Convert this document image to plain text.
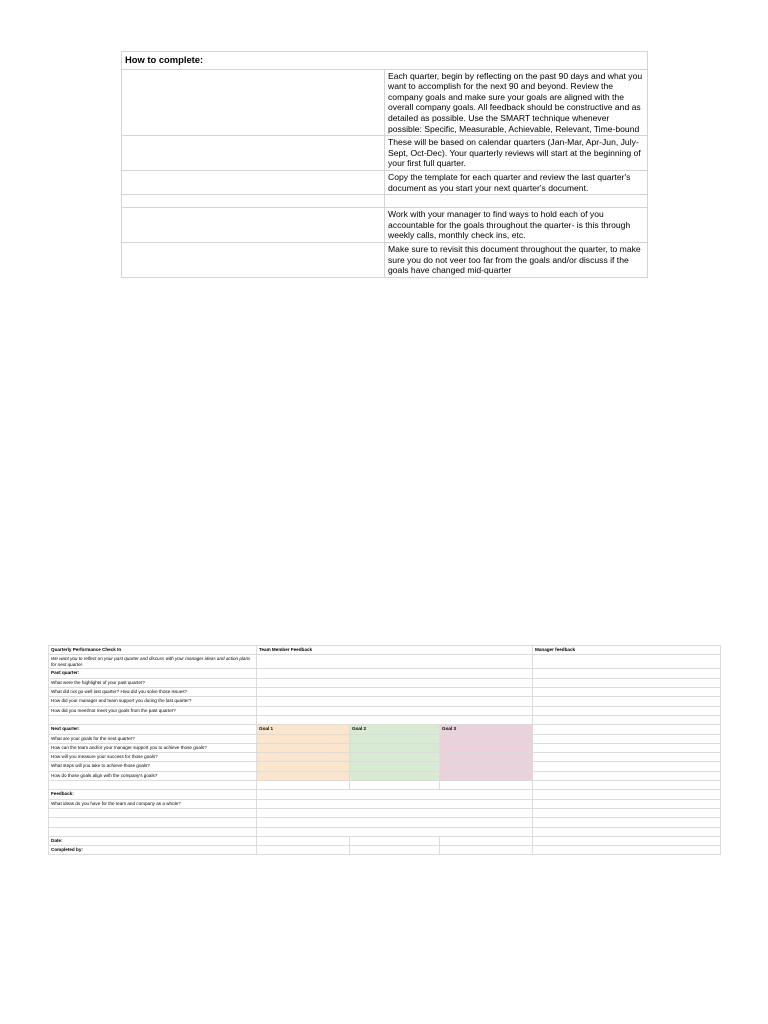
How to complete:	
	Each quarter, begin by reflecting on the past 90 days and what you want to accomplish for the next 90 and beyond. Review the company goals and make sure your goals are aligned with the overall company goals. All feedback should be constructive and as detailed as possible. Use the SMART technique whenever possible: Specific, Measurable, Achievable, Relevant, Time-bound
	These will be based on calendar quarters (Jan-Mar, Apr-Jun, July-Sept, Oct-Dec). Your quarterly reviews will start at the beginning of your first full quarter.
	Copy the template for each quarter and review the last quarter's document as you start your next quarter's document.

	Work with your manager to find ways to hold each of you accountable for the goals throughout the quarter- is this through weekly calls, monthly check ins, etc.
	Make sure to revisit this document throughout the quarter, to make sure you do not veer too far from the goals and/or discuss if the goals have changed mid-quarter
Quarterly Performance Check In	Team Member Feedback			Manager feedback
We want you to reflect on your past quarter and discuss with your manager ideas and action plans for next quarter.				
Past quarter:				
What were the highlights of your past quarter?				
What did not go well last quarter? How did you solve those issues?				
How did your manager and team support you during the last quarter?				
How did you meet/not meet your goals from the past quarter?				

Next quarter:	Goal 1	Goal 2	Goal 3	
What are your goals for the next quarter?				
How can the team and/or your manager support you to achieve those goals?				
How will you measure your success for those goals?				
What steps will you take to achieve those goals?				
How do those goals align with the company's goals?				

Feedback:				
What ideas do you have for the team and company as a whole?				

Date:				
Completed by:				
